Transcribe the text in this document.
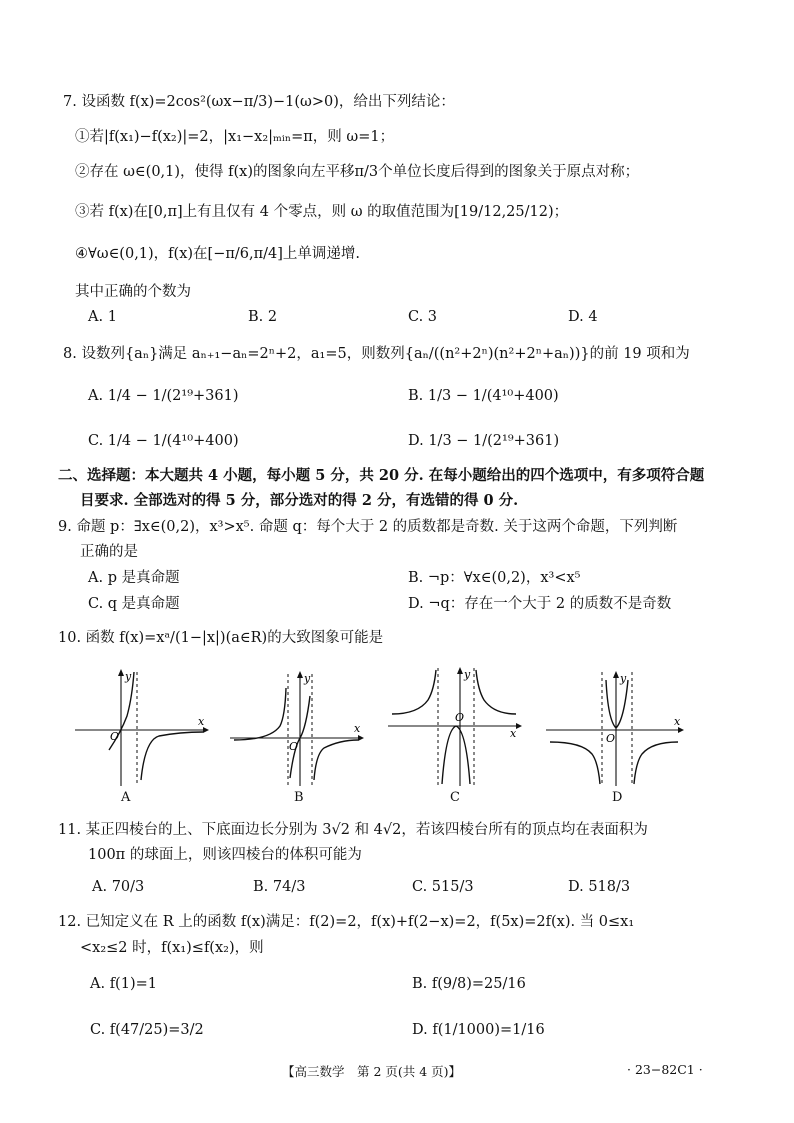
7. 设函数 f(x)=2cos²(ωx−π/3)−1(ω>0)，给出下列结论：
①若|f(x₁)−f(x₂)|=2，|x₁−x₂|ₘᵢₙ=π，则 ω=1；
②存在 ω∈(0,1)，使得 f(x)的图象向左平移π/3个单位长度后得到的图象关于原点对称；
③若 f(x)在[0,π]上有且仅有 4 个零点，则 ω 的取值范围为[19/12,25/12)；
④∀ω∈(0,1)，f(x)在[−π/6,π/4]上单调递增.
其中正确的个数为
A. 1	B. 2	C. 3	D. 4
8. 设数列{aₙ}满足 aₙ₊₁−aₙ=2ⁿ+2，a₁=5，则数列{aₙ/((n²+2ⁿ)(n²+2ⁿ+aₙ))}的前 19 项和为
A. 1/4 − 1/(2¹⁹+361)	B. 1/3 − 1/(4¹⁰+400)
C. 1/4 − 1/(4¹⁰+400)	D. 1/3 − 1/(2¹⁹+361)
二、选择题：本大题共 4 小题，每小题 5 分，共 20 分. 在每小题给出的四个选项中，有多项符合题
目要求. 全部选对的得 5 分，部分选对的得 2 分，有选错的得 0 分.
9. 命题 p：∃x∈(0,2)，x³>x⁵. 命题 q：每个大于 2 的质数都是奇数. 关于这两个命题，下列判断
正确的是
A. p 是真命题	B. ¬p：∀x∈(0,2)，x³<x⁵
C. q 是真命题	D. ¬q：存在一个大于 2 的质数不是奇数
10. 函数 f(x)=xᵃ/(1−|x|)(a∈R)的大致图象可能是
y
x
O
A
y
x
O
B
y
x
O
C
y
x
O
D
11. 某正四棱台的上、下底面边长分别为 3√2 和 4√2，若该四棱台所有的顶点均在表面积为
100π 的球面上，则该四棱台的体积可能为
A. 70/3	B. 74/3	C. 515/3	D. 518/3
12. 已知定义在 R 上的函数 f(x)满足：f(2)=2，f(x)+f(2−x)=2，f(5x)=2f(x). 当 0≤x₁
<x₂≤2 时，f(x₁)≤f(x₂)，则
A. f(1)=1	B. f(9/8)=25/16
C. f(47/25)=3/2	D. f(1/1000)=1/16
【高三数学　第 2 页(共 4 页)】	· 23−82C1 ·
